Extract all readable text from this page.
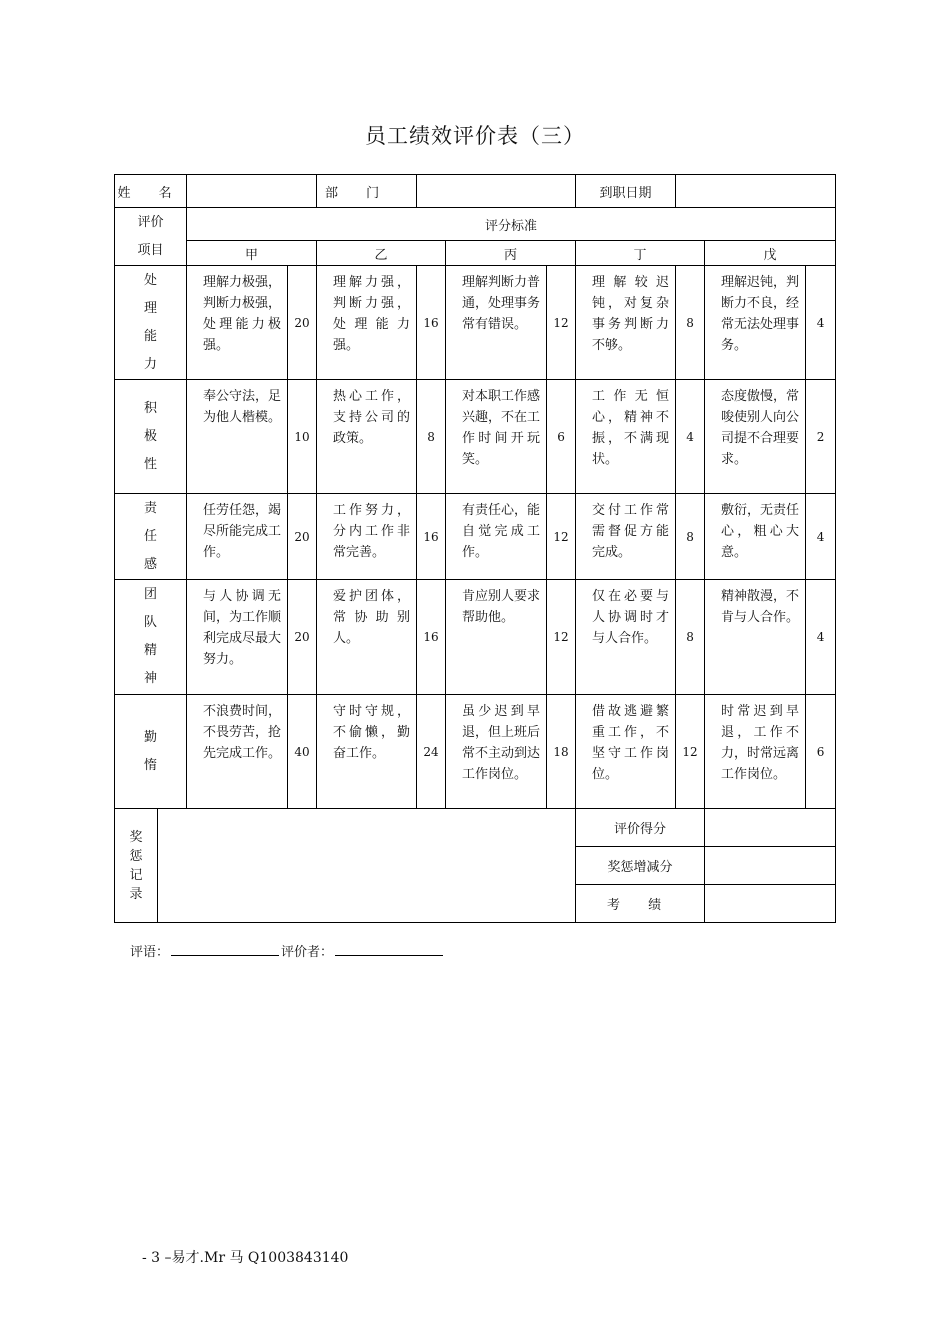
员工绩效评价表（三）
姓 名				部 门				到职日期			

评价
项目		评分标准									
		甲		乙		丙		丁		戊	

处
理
能
力		理解力极强，判断力极强，处理能力极强。	20	理解力强，判断力强，处理能力强。	16	理解判断力普通，处理事务常有错误。	12	理解较迟钝，对复杂事务判断力不够。	8	理解迟钝，判断力不良，经常无法处理事务。	4

积
极
性		奉公守法，足为他人楷模。	10	热心工作，支持公司的政策。	8	对本职工作感兴趣，不在工作时间开玩笑。	6	工作无恒心，精神不振，不满现状。	4	态度傲慢，常唆使别人向公司提不合理要求。	2

责
任
感		任劳任怨，竭尽所能完成工作。	20	工作努力，分内工作非常完善。	16	有责任心，能自觉完成工作。	12	交付工作常需督促方能完成。	8	敷衍，无责任心，粗心大意。	4

团
队
精
神		与人协调无间，为工作顺利完成尽最大努力。	20	爱护团体，常协助别人。	16	肯应别人要求帮助他。	12	仅在必要与人协调时才与人合作。	8	精神散漫，不肯与人合作。	4

勤
惰		不浪费时间，不畏劳苦，抢先完成工作。	40	守时守规，不偷懒，勤奋工作。	24	虽少迟到早退，但上班后常不主动到达工作岗位。	18	借故逃避繁重工作，不坚守工作岗位。	12	时常迟到早退，工作不力，时常远离工作岗位。	6

奖
惩
记
录								评价得分			
								奖惩增减分			
								考 绩			
评语：	评价者：
- 3 –易才.Mr 马 Q1003843140
